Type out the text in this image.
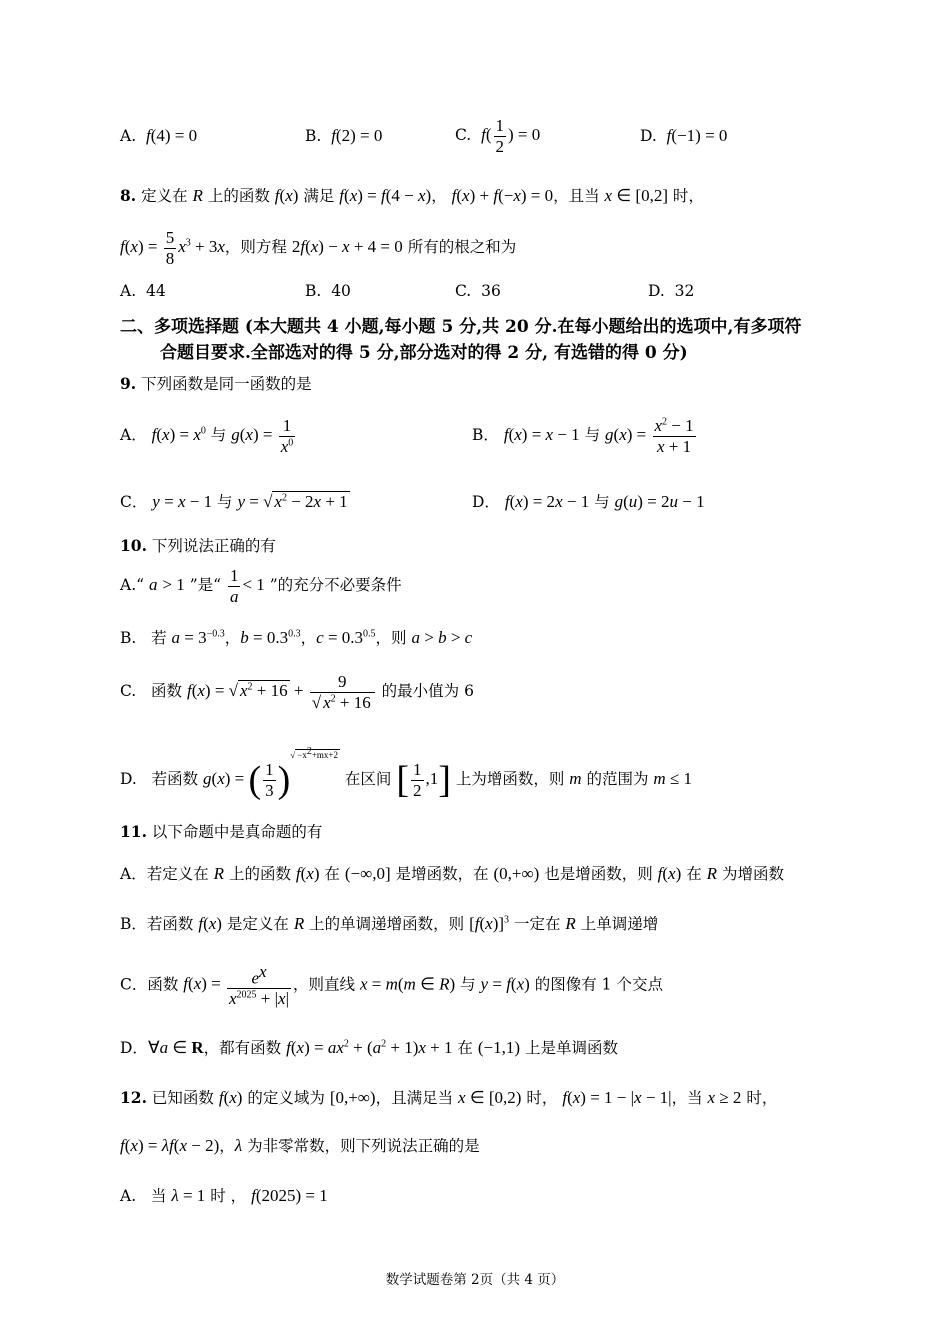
A. f(4) = 0	B. f(2) = 0	C. $f( \frac{1}{2}$ ) = 0	D. f(−1) = 0
8. 定义在 R 上的函数 f(x) 满足 f(x) = f(4 − x)， f(x) + f(−x) = 0，且当 x ∈ [0,2] 时，
$f(x) = \frac{5}{8} x^3 + 3x$，则方程 2f(x) − x + 4 = 0 所有的根之和为
A. 44	B. 40	C. 36	D. 32
二、多项选择题 (本大题共 4 小题,每小题 5 分,共 20 分.在每小题给出的选项中,有多项符
合题目要求.全部选对的得 5 分,部分选对的得 2 分, 有选错的得 0 分)
9. 下列函数是同一函数的是
A． $f(x) = x^0$ 与 $g(x) = \frac{1}{x^0}$	B． f(x) = x − 1 与 $g(x) = \frac{x^2 - 1}{x + 1}$
C． y = x − 1 与 y = √ $x^2 - 2x + 1$	D． f(x) = 2x − 1 与 g(u) = 2u − 1
10. 下列说法正确的有
A.“ a > 1 ”是“ $\frac{1}{a} < 1$ ”的充分不必要条件
B.   若 $a = 3^{-0.3}$，$b = 0.3^{0.3}$，$c = 0.3^{0.5}$，则 a > b > c
C.   函数 f(x) = √ $x^2 + 16 + \frac{9}{√ x^2 + 16}$ 的最小值为 6
D.   若函数 g(x) = ( $\frac{1}{3} )^{√ -x^2+mx+2}$ 在区间 [ $\frac{1}{2} ,1$] 上为增函数，则 m 的范围为 m ≤ 1
11. 以下命题中是真命题的有
A．若定义在 R 上的函数 f(x) 在 (−∞,0] 是增函数，在 (0,+∞) 也是增函数，则 f(x) 在 R 为增函数
B．若函数 f(x) 是定义在 R 上的单调递增函数，则 $[f(x)]^3$ 一定在 R 上单调递增
C．函数 $f(x) = \frac{e^x}{x^{2025} + |x|}$ ，则直线 x = m(m ∈ R) 与 y = f(x) 的图像有 1 个交点
D．∀a ∈ R，都有函数 $f(x) = ax^2 + (a^2 + 1)x + 1$ 在 (−1,1) 上是单调函数
12. 已知函数 f(x) 的定义域为 [0,+∞)，且满足当 x ∈ [0,2) 时， f(x) = 1 − |x − 1|，当 x ≥ 2 时，
f(x) = λf(x − 2)，λ 为非零常数，则下列说法正确的是
A.   当 λ = 1 时 ， f(2025) = 1
数学试题卷第 2页（共 4 页）
